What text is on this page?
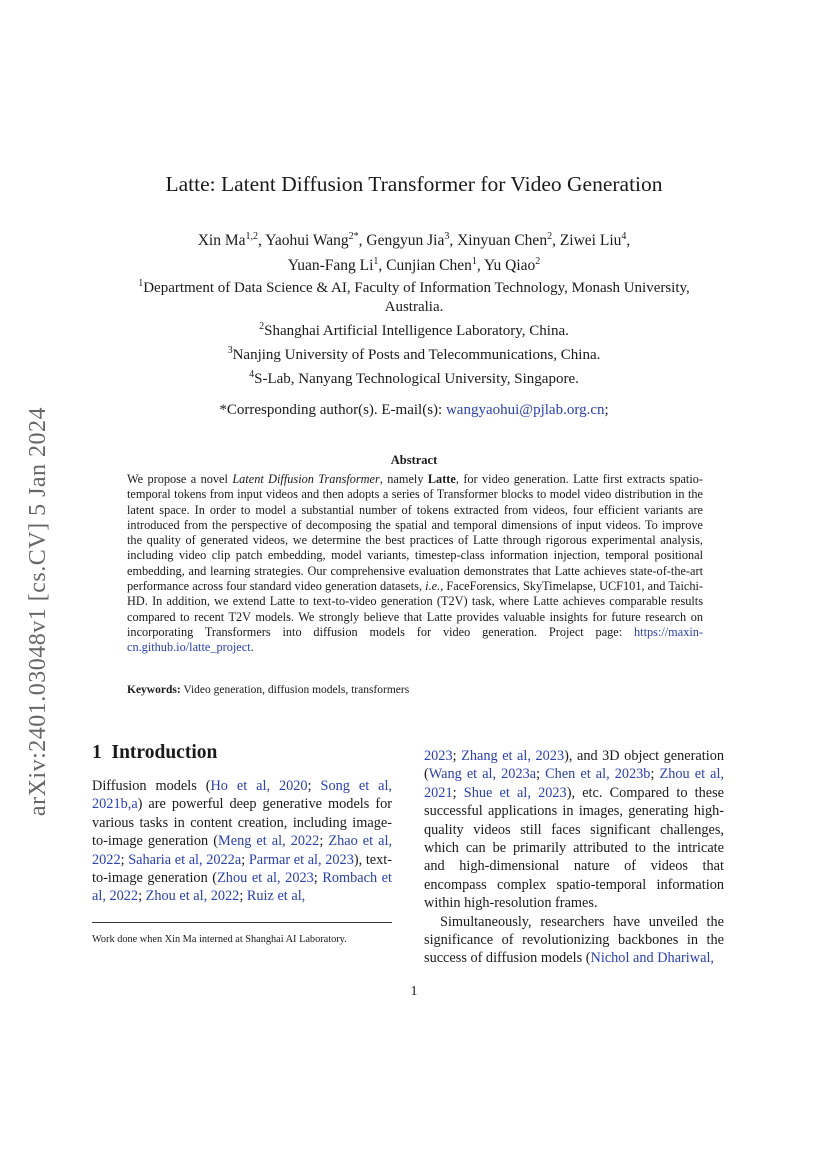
arXiv:2401.03048v1 [cs.CV] 5 Jan 2024
Latte: Latent Diffusion Transformer for Video Generation
Xin Ma$^{1,2}$, Yaohui Wang$^{2*}$, Gengyun Jia$^3$, Xinyuan Chen$^2$, Ziwei Liu$^4$,
Yuan-Fang Li$^1$, Cunjian Chen$^1$, Yu Qiao$^2$
$^1$Department of Data Science & AI, Faculty of Information Technology, Monash University, Australia.
$^2$Shanghai Artificial Intelligence Laboratory, China.
$^3$Nanjing University of Posts and Telecommunications, China.
$^4$S-Lab, Nanyang Technological University, Singapore.
*Corresponding author(s). E-mail(s): wangyaohui@pjlab.org.cn;
Abstract

We propose a novel Latent Diffusion Transformer, namely Latte, for video generation. Latte first extracts spatio-temporal tokens from input videos and then adopts a series of Transformer blocks to model video distribution in the latent space. In order to model a substantial number of tokens extracted from videos, four efficient variants are introduced from the perspective of decomposing the spatial and temporal dimensions of input videos. To improve the quality of generated videos, we determine the best practices of Latte through rigorous experimental analysis, including video clip patch embedding, model variants, timestep-class information injection, temporal positional embedding, and learning strategies. Our comprehensive evaluation demonstrates that Latte achieves state-of-the-art performance across four standard video generation datasets, i.e., FaceForensics, SkyTimelapse, UCF101, and Taichi-HD. In addition, we extend Latte to text-to-video generation (T2V) task, where Latte achieves comparable results compared to recent T2V models. We strongly believe that Latte provides valuable insights for future research on incorporating Transformers into diffusion models for video generation. Project page: https://maxin-cn.github.io/latte_project.

Keywords: Video generation, diffusion models, transformers

1 Introduction

Diffusion models (Ho et al, 2020; Song et al, 2021b,a) are powerful deep generative models for various tasks in content creation, including image-to-image generation (Meng et al, 2022; Zhao et al, 2022; Saharia et al, 2022a; Parmar et al, 2023), text-to-image generation (Zhou et al, 2023; Rombach et al, 2022; Zhou et al, 2022; Ruiz et al,

2023; Zhang et al, 2023), and 3D object generation (Wang et al, 2023a; Chen et al, 2023b; Zhou et al, 2021; Shue et al, 2023), etc. Compared to these successful applications in images, generating high-quality videos still faces significant challenges, which can be primarily attributed to the intricate and high-dimensional nature of videos that encompass complex spatio-temporal information within high-resolution frames.

Simultaneously, researchers have unveiled the significance of revolutionizing backbones in the success of diffusion models (Nichol and Dhariwal,

Work done when Xin Ma interned at Shanghai AI Laboratory.

1
